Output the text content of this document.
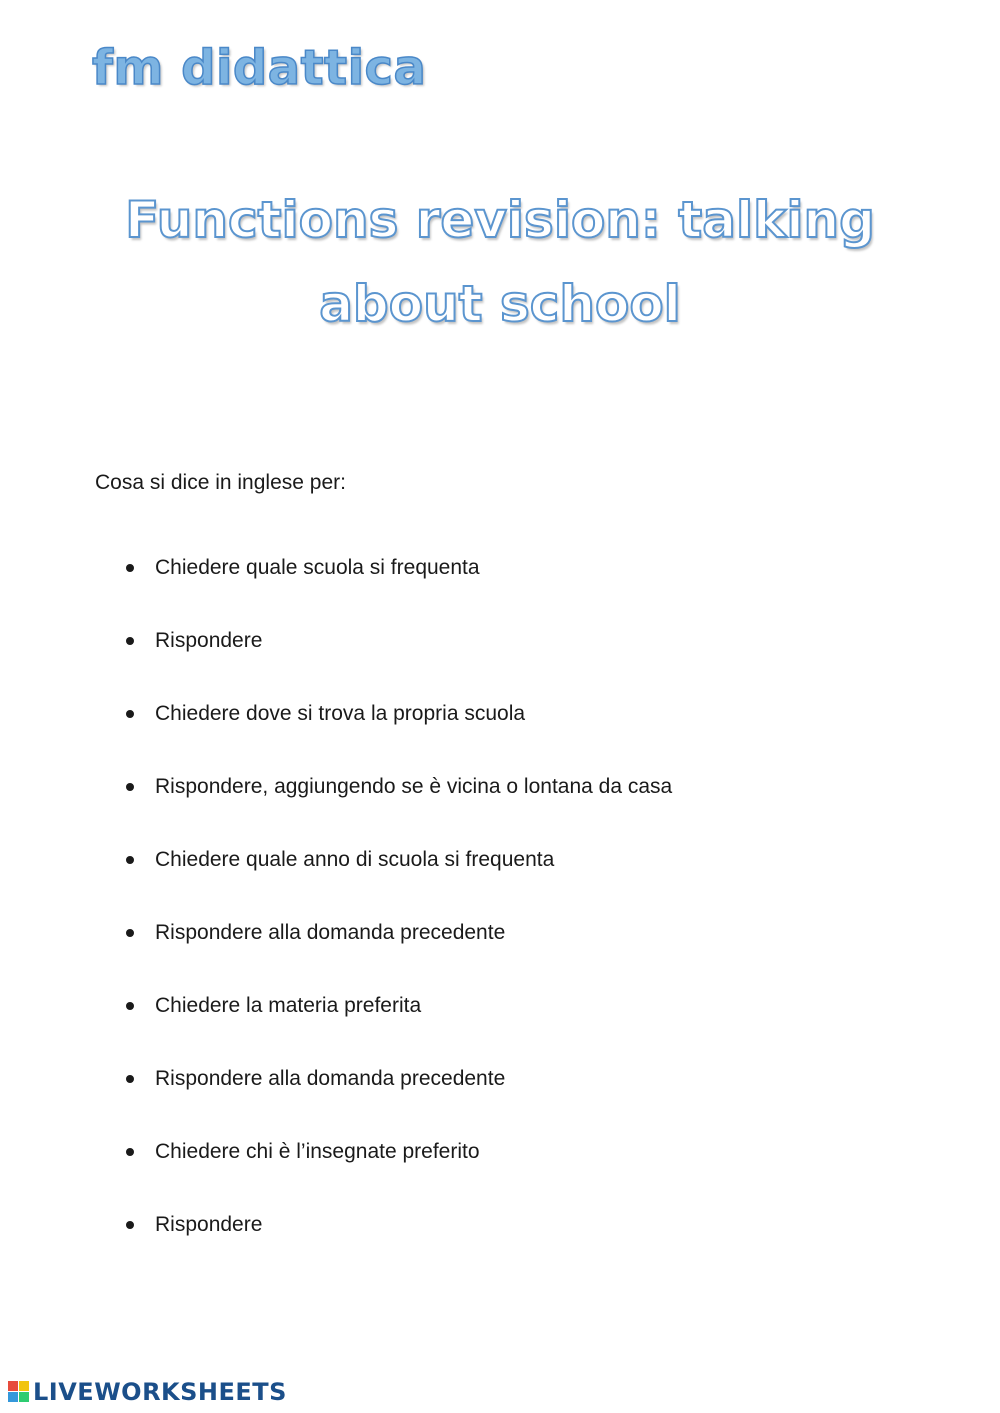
fm didattica
Functions revision: talking
about school
Cosa si dice in inglese per:
Chiedere quale scuola si frequenta
Rispondere
Chiedere dove si trova la propria scuola
Rispondere, aggiungendo se è vicina o lontana da casa
Chiedere quale anno di scuola si frequenta
Rispondere alla domanda precedente
Chiedere la materia preferita
Rispondere alla domanda precedente
Chiedere chi è l’insegnate preferito
Rispondere
LIVEWORKSHEETS
